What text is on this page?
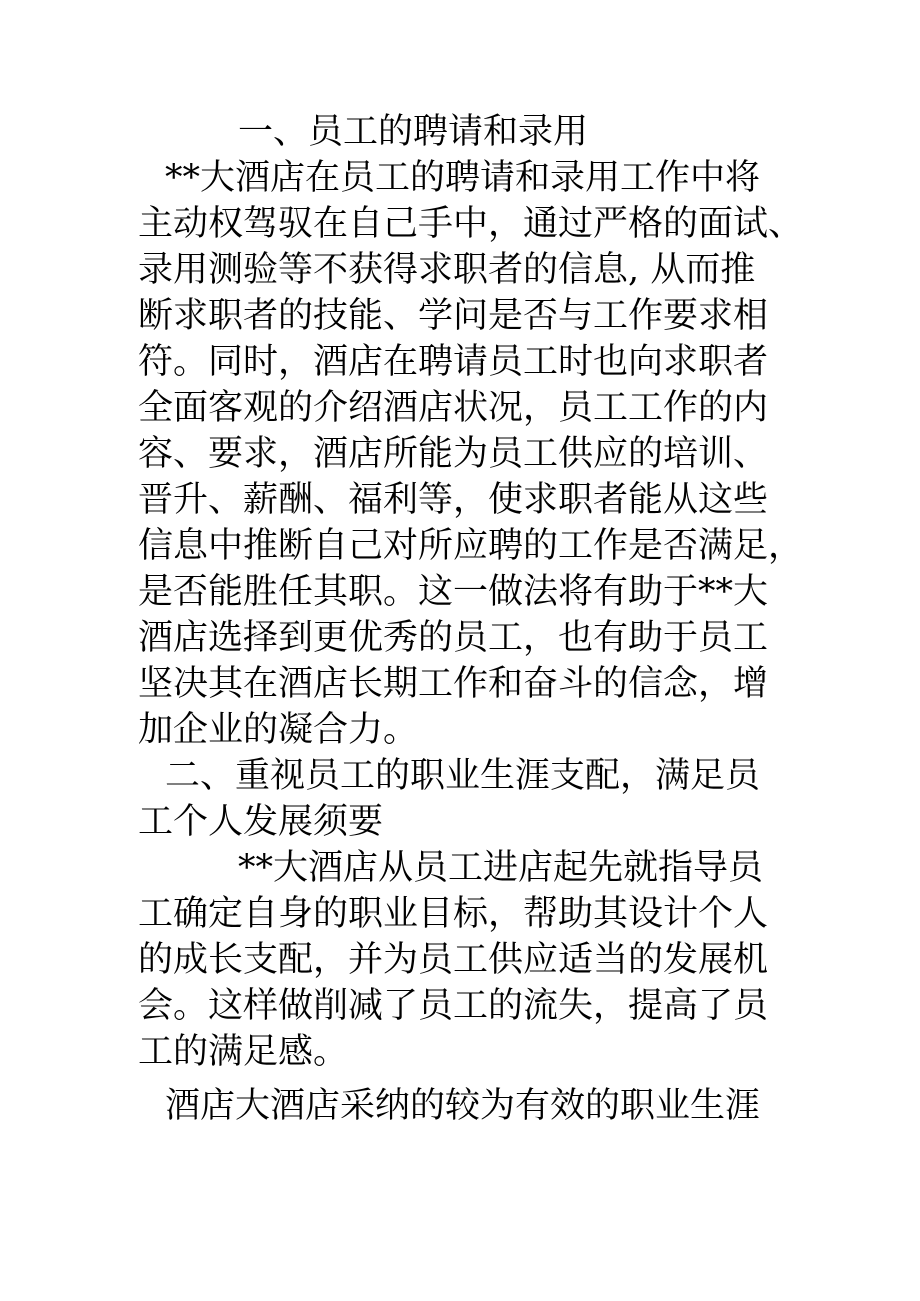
一、员工的聘请和录用
**大酒店在员工的聘请和录用工作中将
主动权驾驭在自己手中，通过严格的面试、
录用测验等不获得求职者的信息, 从而推
断求职者的技能、学问是否与工作要求相
符。同时，酒店在聘请员工时也向求职者
全面客观的介绍酒店状况，员工工作的内
容、要求，酒店所能为员工供应的培训、
晋升、薪酬、福利等，使求职者能从这些
信息中推断自己对所应聘的工作是否满足，
是否能胜任其职。这一做法将有助于**大
酒店选择到更优秀的员工，也有助于员工
坚决其在酒店长期工作和奋斗的信念，增
加企业的凝合力。
二、重视员工的职业生涯支配，满足员
工个人发展须要
**大酒店从员工进店起先就指导员
工确定自身的职业目标，帮助其设计个人
的成长支配，并为员工供应适当的发展机
会。这样做削减了员工的流失，提高了员
工的满足感。
酒店大酒店采纳的较为有效的职业生涯
